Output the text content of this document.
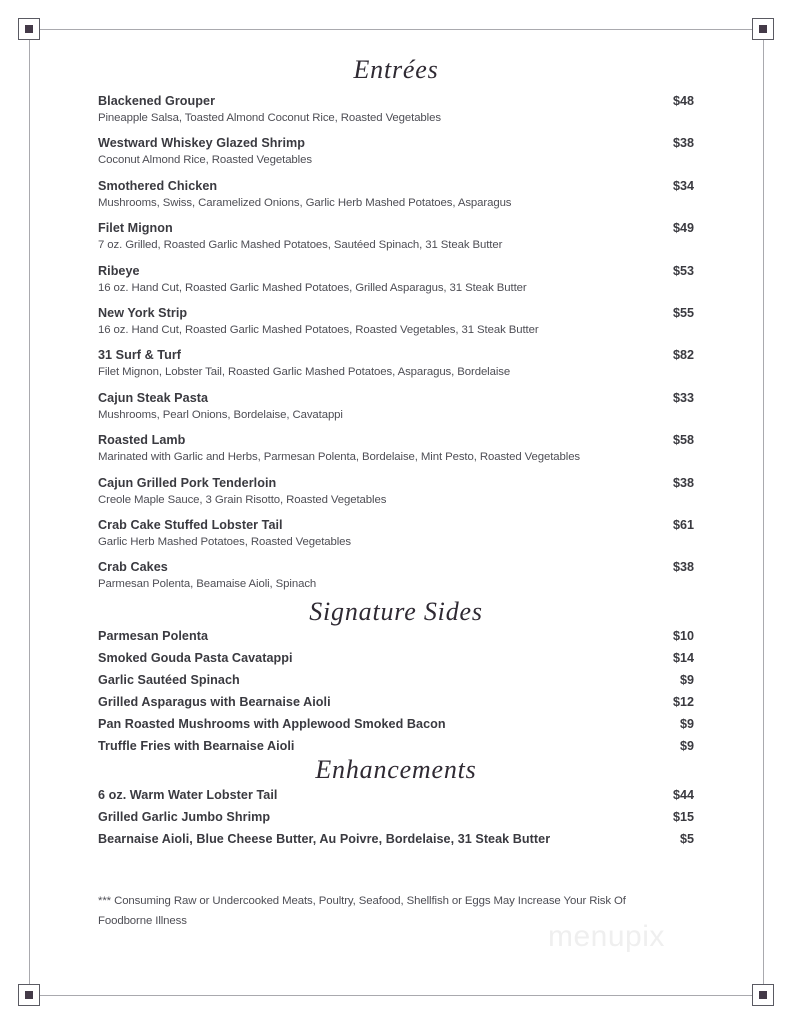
Entrées
Blackened Grouper	$48
Pineapple Salsa, Toasted Almond Coconut Rice, Roasted Vegetables
Westward Whiskey Glazed Shrimp	$38
Coconut Almond Rice, Roasted Vegetables
Smothered Chicken	$34
Mushrooms, Swiss, Caramelized Onions, Garlic Herb Mashed Potatoes, Asparagus
Filet Mignon	$49
7 oz. Grilled, Roasted Garlic Mashed Potatoes, Sautéed Spinach, 31 Steak Butter
Ribeye	$53
16 oz. Hand Cut, Roasted Garlic Mashed Potatoes, Grilled Asparagus, 31 Steak Butter
New York Strip	$55
16 oz. Hand Cut, Roasted Garlic Mashed Potatoes, Roasted Vegetables, 31 Steak Butter
31 Surf & Turf	$82
Filet Mignon, Lobster Tail, Roasted Garlic Mashed Potatoes, Asparagus, Bordelaise
Cajun Steak Pasta	$33
Mushrooms, Pearl Onions, Bordelaise, Cavatappi
Roasted Lamb	$58
Marinated with Garlic and Herbs, Parmesan Polenta, Bordelaise, Mint Pesto, Roasted Vegetables
Cajun Grilled Pork Tenderloin	$38
Creole Maple Sauce, 3 Grain Risotto, Roasted Vegetables
Crab Cake Stuffed Lobster Tail	$61
Garlic Herb Mashed Potatoes, Roasted Vegetables
Crab Cakes	$38
Parmesan Polenta, Beamaise Aioli, Spinach
Signature Sides
Parmesan Polenta	$10
Smoked Gouda Pasta Cavatappi	$14
Garlic Sautéed Spinach	$9
Grilled Asparagus with Bearnaise Aioli	$12
Pan Roasted Mushrooms with Applewood Smoked Bacon	$9
Truffle Fries with Bearnaise Aioli	$9
Enhancements
6 oz. Warm Water Lobster Tail	$44
Grilled Garlic Jumbo Shrimp	$15
Bearnaise Aioli, Blue Cheese Butter, Au Poivre, Bordelaise, 31 Steak Butter	$5
*** Consuming Raw or Undercooked Meats, Poultry, Seafood, Shellfish or Eggs May Increase Your Risk Of Foodborne Illness	menupix
